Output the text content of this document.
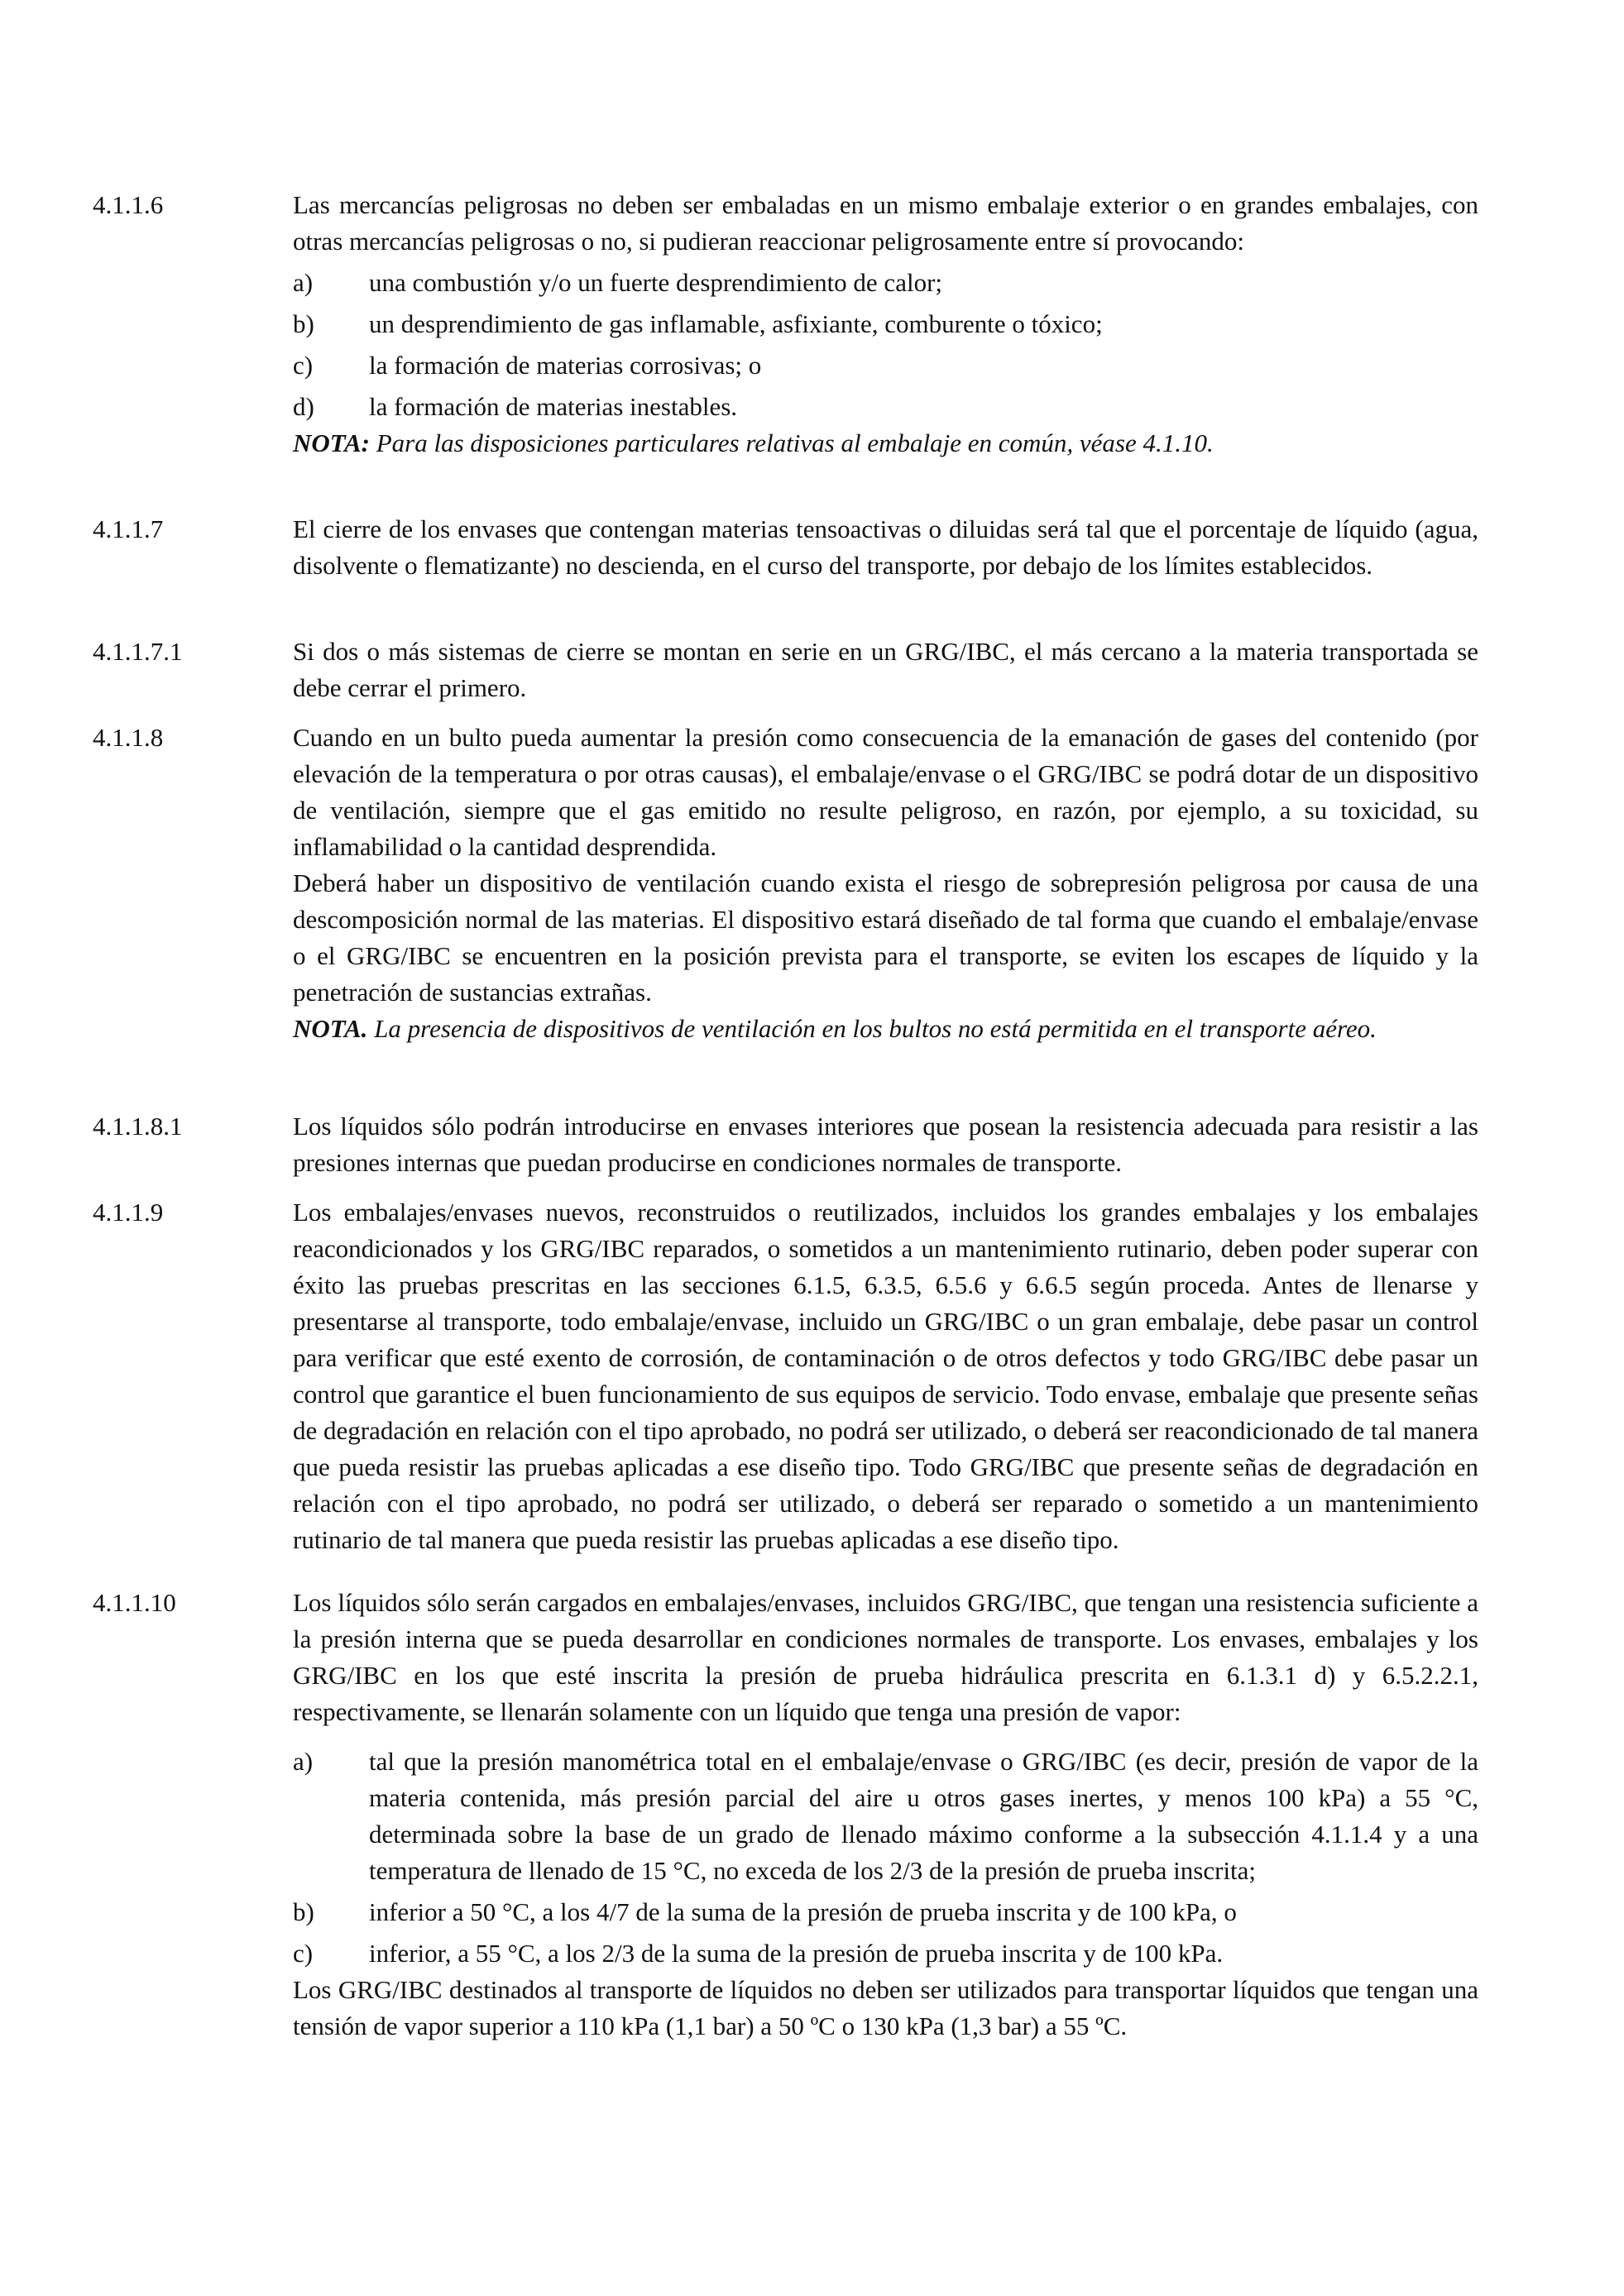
4.1.1.6	Las mercancías peligrosas no deben ser embaladas en un mismo embalaje exterior o en grandes embalajes, con otras mercancías peligrosas o no, si pudieran reaccionar peligrosamente entre sí provocando:

a) una combustión y/o un fuerte desprendimiento de calor;
b) un desprendimiento de gas inflamable, asfixiante, comburente o tóxico;
c) la formación de materias corrosivas; o
d) la formación de materias inestables.

NOTA: Para las disposiciones particulares relativas al embalaje en común, véase 4.1.10.

4.1.1.7	El cierre de los envases que contengan materias tensoactivas o diluidas será tal que el porcentaje de líquido (agua, disolvente o flematizante) no descienda, en el curso del transporte, por debajo de los límites establecidos.

4.1.1.7.1	Si dos o más sistemas de cierre se montan en serie en un GRG/IBC, el más cercano a la materia transportada se debe cerrar el primero.

4.1.1.8	Cuando en un bulto pueda aumentar la presión como consecuencia de la emanación de gases del contenido (por elevación de la temperatura o por otras causas), el embalaje/envase o el GRG/IBC se podrá dotar de un dispositivo de ventilación, siempre que el gas emitido no resulte peligroso, en razón, por ejemplo, a su toxicidad, su inflamabilidad o la cantidad desprendida.

Deberá haber un dispositivo de ventilación cuando exista el riesgo de sobrepresión peligrosa por causa de una descomposición normal de las materias. El dispositivo estará diseñado de tal forma que cuando el embalaje/envase o el GRG/IBC se encuentren en la posición prevista para el transporte, se eviten los escapes de líquido y la penetración de sustancias extrañas.

NOTA. La presencia de dispositivos de ventilación en los bultos no está permitida en el transporte aéreo.

4.1.1.8.1	Los líquidos sólo podrán introducirse en envases interiores que posean la resistencia adecuada para resistir a las presiones internas que puedan producirse en condiciones normales de transporte.

4.1.1.9	Los embalajes/envases nuevos, reconstruidos o reutilizados, incluidos los grandes embalajes y los embalajes reacondicionados y los GRG/IBC reparados, o sometidos a un mantenimiento rutinario, deben poder superar con éxito las pruebas prescritas en las secciones 6.1.5, 6.3.5, 6.5.6 y 6.6.5 según proceda. Antes de llenarse y presentarse al transporte, todo embalaje/envase, incluido un GRG/IBC o un gran embalaje, debe pasar un control para verificar que esté exento de corrosión, de contaminación o de otros defectos y todo GRG/IBC debe pasar un control que garantice el buen funcionamiento de sus equipos de servicio. Todo envase, embalaje que presente señas de degradación en relación con el tipo aprobado, no podrá ser utilizado, o deberá ser reacondicionado de tal manera que pueda resistir las pruebas aplicadas a ese diseño tipo. Todo GRG/IBC que presente señas de degradación en relación con el tipo aprobado, no podrá ser utilizado, o deberá ser reparado o sometido a un mantenimiento rutinario de tal manera que pueda resistir las pruebas aplicadas a ese diseño tipo.

4.1.1.10	Los líquidos sólo serán cargados en embalajes/envases, incluidos GRG/IBC, que tengan una resistencia suficiente a la presión interna que se pueda desarrollar en condiciones normales de transporte. Los envases, embalajes y los GRG/IBC en los que esté inscrita la presión de prueba hidráulica prescrita en 6.1.3.1 d) y 6.5.2.2.1, respectivamente, se llenarán solamente con un líquido que tenga una presión de vapor:

a) tal que la presión manométrica total en el embalaje/envase o GRG/IBC (es decir, presión de vapor de la materia contenida, más presión parcial del aire u otros gases inertes, y menos 100 kPa) a 55 °C, determinada sobre la base de un grado de llenado máximo conforme a la subsección 4.1.1.4 y a una temperatura de llenado de 15 °C, no exceda de los 2/3 de la presión de prueba inscrita;
b) inferior a 50 °C, a los 4/7 de la suma de la presión de prueba inscrita y de 100 kPa, o
c) inferior, a 55 °C, a los 2/3 de la suma de la presión de prueba inscrita y de 100 kPa.

Los GRG/IBC destinados al transporte de líquidos no deben ser utilizados para transportar líquidos que tengan una tensión de vapor superior a 110 kPa (1,1 bar) a 50 ºC o 130 kPa (1,3 bar) a 55 ºC.
